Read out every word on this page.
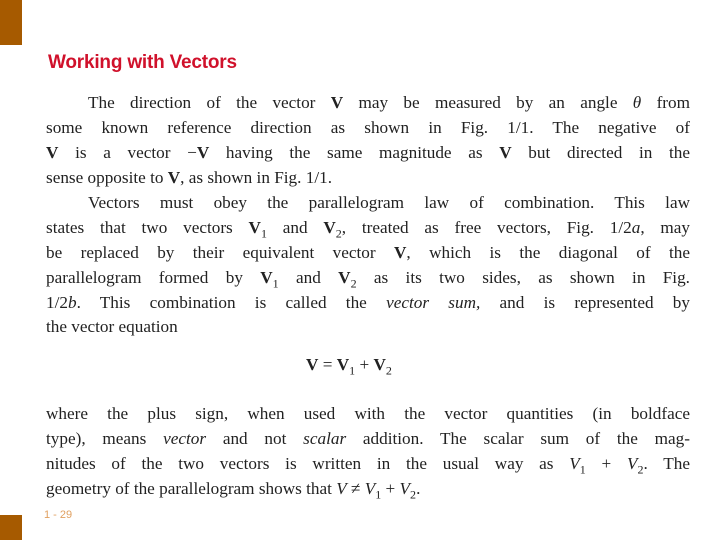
Working with Vectors
The direction of the vector V may be measured by an angle θ from
some known reference direction as shown in Fig. 1/1. The negative of
V is a vector −V having the same magnitude as V but directed in the
sense opposite to V, as shown in Fig. 1/1.
Vectors must obey the parallelogram law of combination. This law
states that two vectors $V_1$ and $V_2$, treated as free vectors, Fig. 1/2a, may
be replaced by their equivalent vector V, which is the diagonal of the
parallelogram formed by $V_1$ and $V_2$ as its two sides, as shown in Fig.
1/2b. This combination is called the vector sum, and is represented by
the vector equation
$V = V_1 + V_2$
where the plus sign, when used with the vector quantities (in boldface
type), means vector and not scalar addition. The scalar sum of the mag-
nitudes of the two vectors is written in the usual way as $V_1 + V_2$. The
geometry of the parallelogram shows that $V \ne V_1 + V_2$.
1 - 29
